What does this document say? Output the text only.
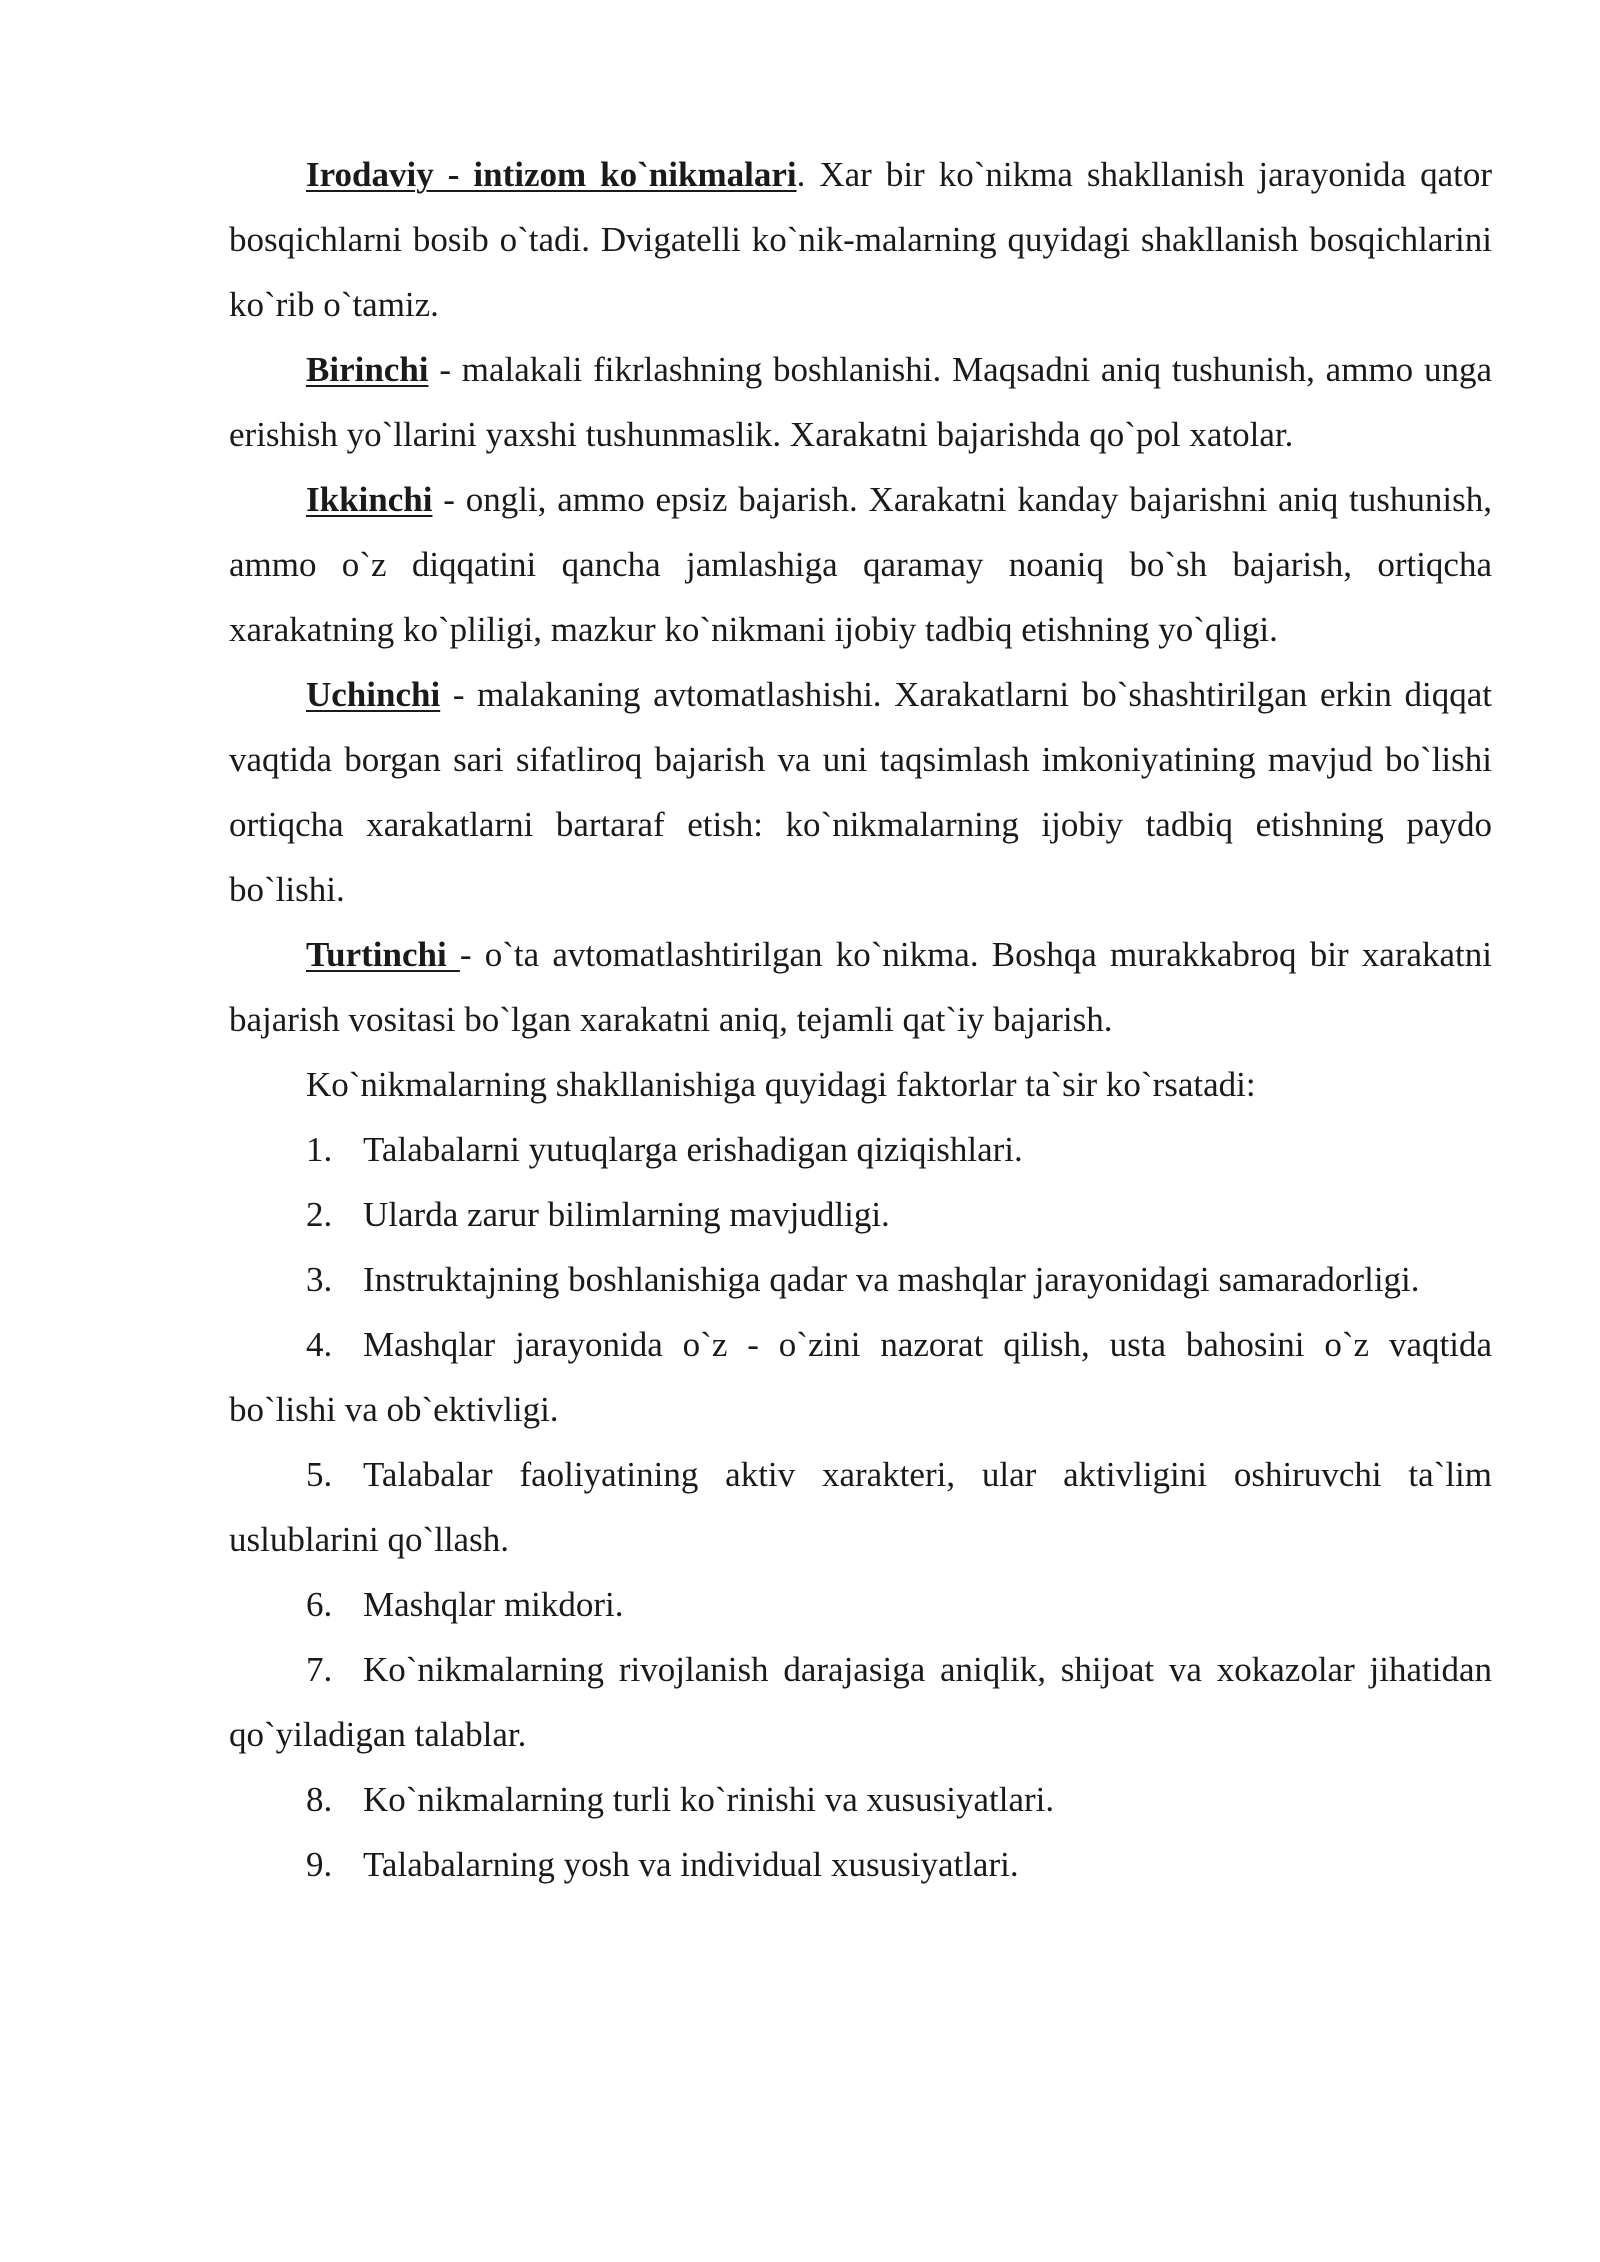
Irodaviy - intizom ko`nikmalari. Xar bir ko`nikma shakllanish jarayonida qator bosqichlarni bosib o`tadi. Dvigatelli ko`nik-malarning quyidagi shakllanish bosqichlarini ko`rib o`tamiz.

Birinchi - malakali fikrlashning boshlanishi. Maqsadni aniq tushunish, ammo unga erishish yo`llarini yaxshi tushunmaslik. Xarakatni bajarishda qo`pol xatolar.

Ikkinchi - ongli, ammo epsiz bajarish. Xarakatni kanday bajarishni aniq tushunish, ammo o`z diqqatini qancha jamlashiga qaramay noaniq bo`sh bajarish, ortiqcha xarakatning ko`pliligi, mazkur ko`nikmani ijobiy tadbiq etishning yo`qligi.

Uchinchi - malakaning avtomatlashishi. Xarakatlarni bo`shashtirilgan erkin diqqat vaqtida borgan sari sifatliroq bajarish va uni taqsimlash imkoniyatining mavjud bo`lishi ortiqcha xarakatlarni bartaraf etish: ko`nikmalarning ijobiy tadbiq etishning paydo bo`lishi.

Turtinchi - o`ta avtomatlashtirilgan ko`nikma. Boshqa murakkabroq bir xarakatni bajarish vositasi bo`lgan xarakatni aniq, tejamli qat`iy bajarish.

Ko`nikmalarning shakllanishiga quyidagi faktorlar ta`sir ko`rsatadi:

1. Talabalarni yutuqlarga erishadigan qiziqishlari.

2. Ularda zarur bilimlarning mavjudligi.

3. Instruktajning boshlanishiga qadar va mashqlar jarayonidagi samaradorligi.

4. Mashqlar jarayonida o`z - o`zini nazorat qilish, usta bahosini o`z vaqtida bo`lishi va ob`ektivligi.

5. Talabalar faoliyatining aktiv xarakteri, ular aktivligini oshiruvchi ta`lim uslublarini qo`llash.

6. Mashqlar mikdori.

7. Ko`nikmalarning rivojlanish darajasiga aniqlik, shijoat va xokazolar jihatidan qo`yiladigan talablar.

8. Ko`nikmalarning turli ko`rinishi va xususiyatlari.

9. Talabalarning yosh va individual xususiyatlari.
